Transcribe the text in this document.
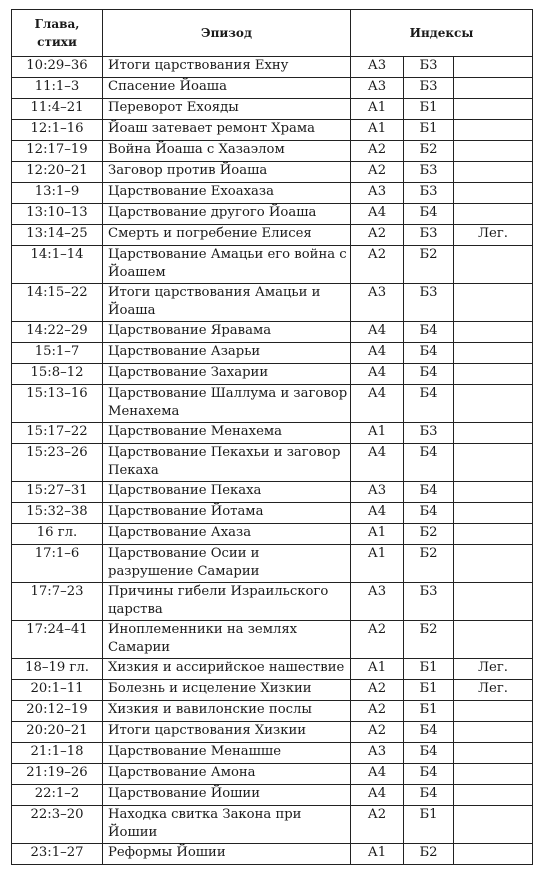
Глава,
стихи	Эпизод	Индексы		
10:29–36	Итоги царствования Ехну	А3	Б3	
11:1–3	Спасение Йоаша	А3	Б3	
11:4–21	Переворот Ехояды	А1	Б1	
12:1–16	Йоаш затевает ремонт Храма	А1	Б1	
12:17–19	Война Йоаша с Хазаэлом	А2	Б2	
12:20–21	Заговор против Йоаша	А2	Б3	
13:1–9	Царствование Ехоахаза	А3	Б3	
13:10–13	Царствование другого Йоаша	А4	Б4	
13:14–25	Смерть и погребение Елисея	А2	Б3	Лег.
14:1–14	Царствование Амацьи его война с Йоашем	А2	Б2	
14:15–22	Итоги царствования Амацьи и Йоаша	А3	Б3	
14:22–29	Царствование Яравама	А4	Б4	
15:1–7	Царствование Азарьи	А4	Б4	
15:8–12	Царствование Захарии	А4	Б4	
15:13–16	Царствование Шаллума и заговор Менахема	А4	Б4	
15:17–22	Царствование Менахема	А1	Б3	
15:23–26	Царствование Пекахьи и заговор Пекаха	А4	Б4	
15:27–31	Царствование Пекаха	А3	Б4	
15:32–38	Царствование Йотама	А4	Б4	
16 гл.	Царствование Ахаза	А1	Б2	
17:1–6	Царствование Осии и разрушение Самарии	А1	Б2	
17:7–23	Причины гибели Израильского царства	А3	Б3	
17:24–41	Иноплеменники на землях Самарии	А2	Б2	
18–19 гл.	Хизкия и ассирийское нашествие	А1	Б1	Лег.
20:1–11	Болезнь и исцеление Хизкии	А2	Б1	Лег.
20:12–19	Хизкия и вавилонские послы	А2	Б1	
20:20–21	Итоги царствования Хизкии	А2	Б4	
21:1–18	Царствование Менашше	А3	Б4	
21:19–26	Царствование Амона	А4	Б4	
22:1–2	Царствование Йошии	А4	Б4	
22:3–20	Находка свитка Закона при Йошии	А2	Б1	
23:1–27	Реформы Йошии	А1	Б2	
